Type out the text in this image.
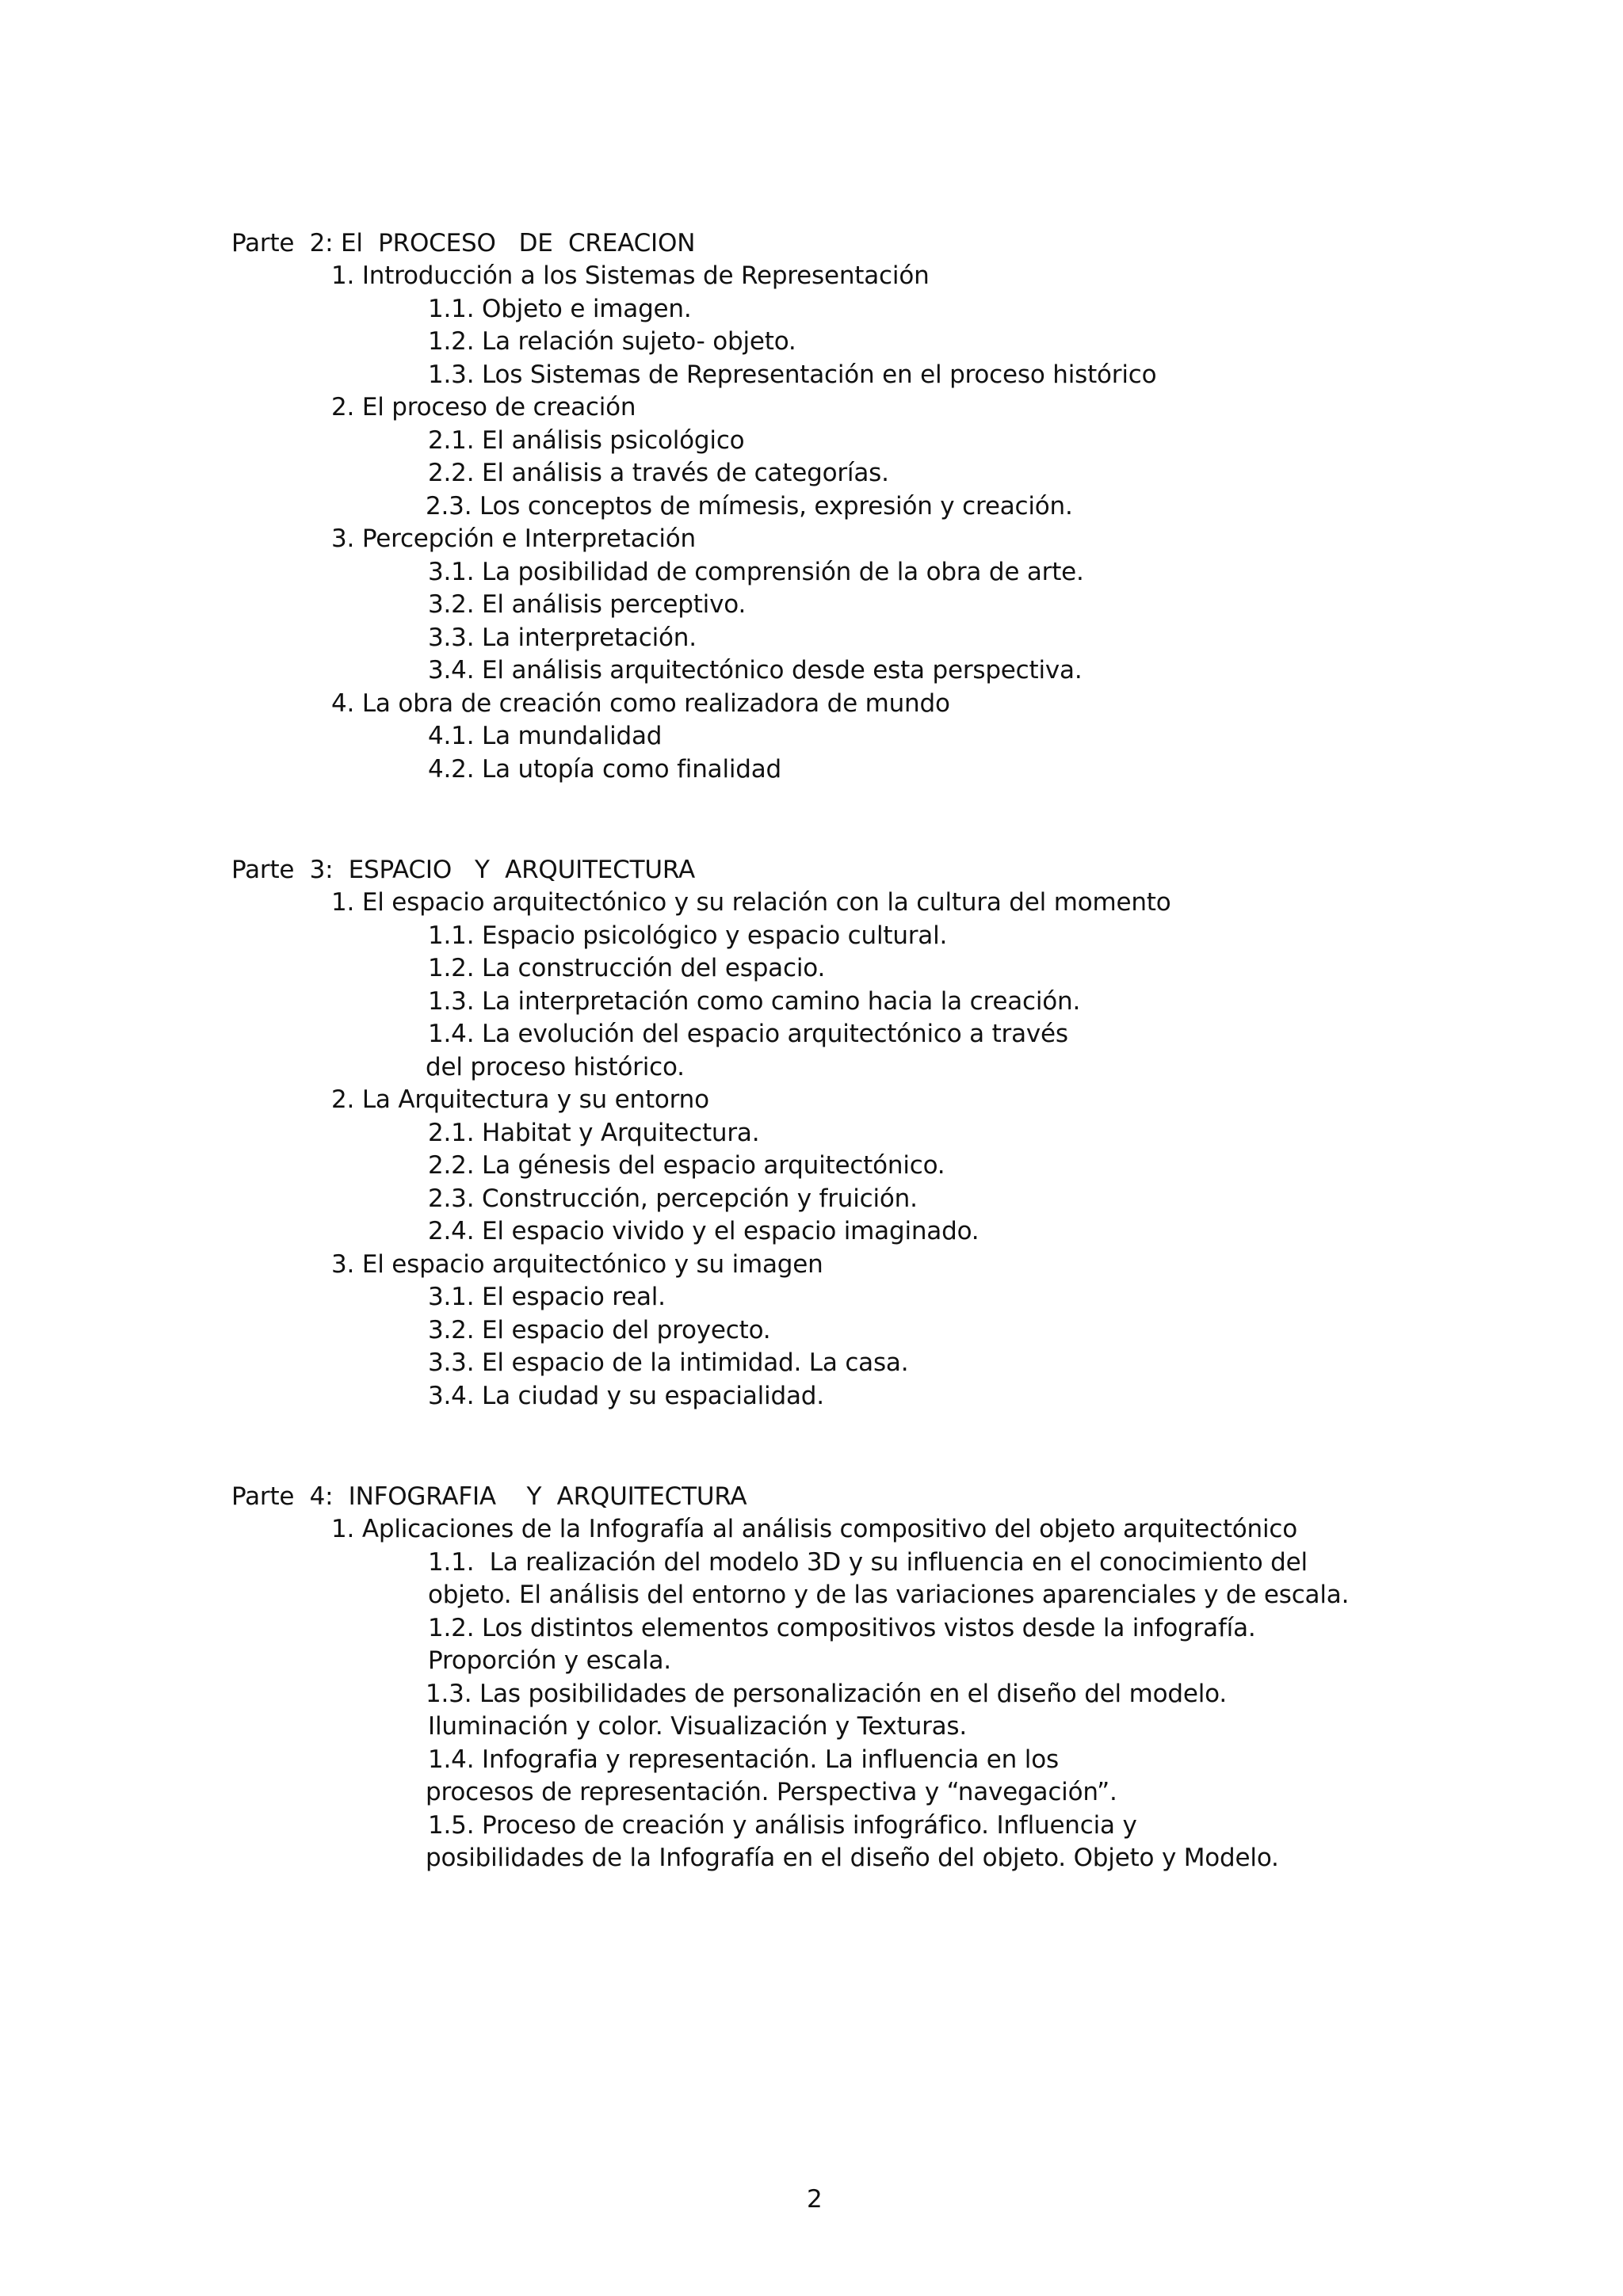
Parte  2: El  PROCESO   DE  CREACION
1. Introducción a los Sistemas de Representación
1.1. Objeto e imagen.
1.2. La relación sujeto- objeto.
1.3. Los Sistemas de Representación en el proceso histórico
2. El proceso de creación
2.1. El análisis psicológico
2.2. El análisis a través de categorías.
2.3. Los conceptos de mímesis, expresión y creación.
3. Percepción e Interpretación
3.1. La posibilidad de comprensión de la obra de arte.
3.2. El análisis perceptivo.
3.3. La interpretación.
3.4. El análisis arquitectónico desde esta perspectiva.
4. La obra de creación como realizadora de mundo
4.1. La mundalidad
4.2. La utopía como finalidad
Parte  3:  ESPACIO   Y  ARQUITECTURA
1. El espacio arquitectónico y su relación con la cultura del momento
1.1. Espacio psicológico y espacio cultural.
1.2. La construcción del espacio.
1.3. La interpretación como camino hacia la creación.
1.4. La evolución del espacio arquitectónico a través
del proceso histórico.
2. La Arquitectura y su entorno
2.1. Habitat y Arquitectura.
2.2. La génesis del espacio arquitectónico.
2.3. Construcción, percepción y fruición.
2.4. El espacio vivido y el espacio imaginado.
3. El espacio arquitectónico y su imagen
3.1. El espacio real.
3.2. El espacio del proyecto.
3.3. El espacio de la intimidad. La casa.
3.4. La ciudad y su espacialidad.
Parte  4:  INFOGRAFIA    Y  ARQUITECTURA
1. Aplicaciones de la Infografía al análisis compositivo del objeto arquitectónico
1.1.  La realización del modelo 3D y su influencia en el conocimiento del
objeto. El análisis del entorno y de las variaciones aparenciales y de escala.
1.2. Los distintos elementos compositivos vistos desde la infografía.
Proporción y escala.
1.3. Las posibilidades de personalización en el diseño del modelo.
Iluminación y color. Visualización y Texturas.
1.4. Infografia y representación. La influencia en los
procesos de representación. Perspectiva y “navegación”.
1.5. Proceso de creación y análisis infográfico. Influencia y
posibilidades de la Infografía en el diseño del objeto. Objeto y Modelo.
2
